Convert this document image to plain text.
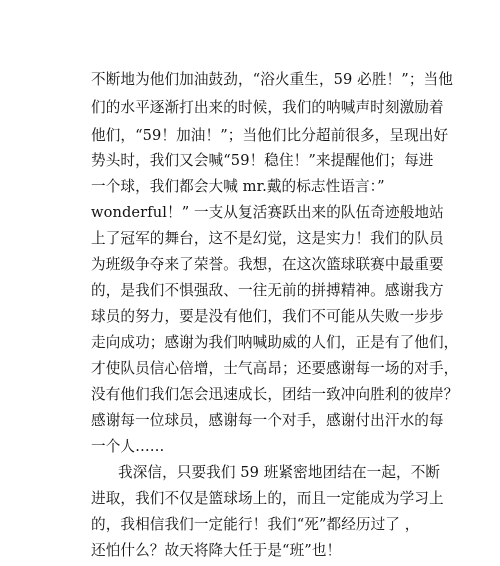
不断地为他们加油鼓劲，“浴火重生，59 必胜！”；当他
们的水平逐渐打出来的时候，我们的呐喊声时刻激励着
他们，“59！加油！”；当他们比分超前很多，呈现出好
势头时，我们又会喊“59！稳住！”来提醒他们；每进
一个球，我们都会大喊 mr.戴的标志性语言：”
wonderful！” 一支从复活赛跃出来的队伍奇迹般地站
上了冠军的舞台，这不是幻觉，这是实力！我们的队员
为班级争夺来了荣誉。我想，在这次篮球联赛中最重要
的，是我们不惧强敌、一往无前的拼搏精神。感谢我方
球员的努力，要是没有他们，我们不可能从失败一步步
走向成功；感谢为我们呐喊助威的人们，正是有了他们，
才使队员信心倍增，士气高昂；还要感谢每一场的对手，
没有他们我们怎会迅速成长，团结一致冲向胜利的彼岸？
感谢每一位球员，感谢每一个对手，感谢付出汗水的每
一个人……
我深信，只要我们 59 班紧密地团结在一起，不断
进取，我们不仅是篮球场上的，而且一定能成为学习上
的，我相信我们一定能行！我们“死”都经历过了 ，
还怕什么？故天将降大任于是“班”也！
